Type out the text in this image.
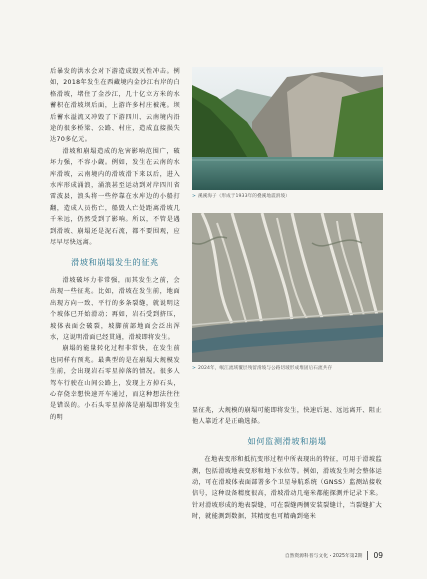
后暴发的洪水会对下游造成毁灭性冲击。例如，2018年发生在西藏境内金沙江右岸的白格滑坡，堵住了金沙江，几十亿立方米的水蓄积在滑坡坝后面，上游许多村庄被淹。坝后蓄水溢流又冲毁了下游四川、云南境内沿途的很多桥梁、公路、村庄，造成直接损失达70多亿元。

滑坡和崩塌造成的危害影响范围广，破坏力强，不容小觑。例如，发生在云南的水库滑坡，云南境内的滑坡滑下来以后，进入水库形成涌浪，涌浪甚至运动到对岸四川省雷波县，浪头将一些停靠在水库边的小船打翻，造成人员伤亡，船毁人亡处距离滑坡几千米远，仍然受到了影响。所以，不管是遇到滑坡、崩塌还是泥石流，都不要围观，应尽早尽快远离。

滑坡和崩塌发生的征兆

滑坡破坏力非常强，而其发生之前，会出现一些征兆。比如，滑坡在发生前，地面出现方向一致、平行的多条裂缝，就说明这个坡体已开始滑动；再如，岩石受到挤压，坡体表面会破裂，坡脚前部地面会泛出浑水，这说明滑面已经贯通，滑坡即将发生。

崩塌的能量转化过程非常快，在发生前也同样有预兆。最典型的是在崩塌大规模发生前，会出现岩石零星掉落的情况。很多人驾车行驶在山间公路上，发现上方掉石头，心存侥幸想快速开车通过，而这种想法往往是错误的。小石头零星掉落是崩塌即将发生的明

> 溪溪海子（形成于1933年的叠溪地震滑坡）
> 2024年，岷江流域覆层残留滑坡与公路切坡形成堆固后石流共存

显征兆，大规模的崩塌可能即将发生，快速后退、远远离开、阻止他人靠近才是正确选择。

如何监测滑坡和崩塌

在地表变形和抵抗变形过程中所表现出的特征，可用于滑坡监测，包括滑坡地表变形和地下水位等。例如，滑坡发生时会整体运动，可在滑坡体表面部署多个卫星导航系统（GNSS）监测站接收信号，这种设备精度很高，滑坡滑动几毫米都能探测并记录下来。针对滑坡形成的地表裂缝，可在裂缝两侧安装裂缝计，当裂缝扩大时，就能测到数据，其精度也可精确到毫米

自然资源科普与文化・2025年第2期 09
